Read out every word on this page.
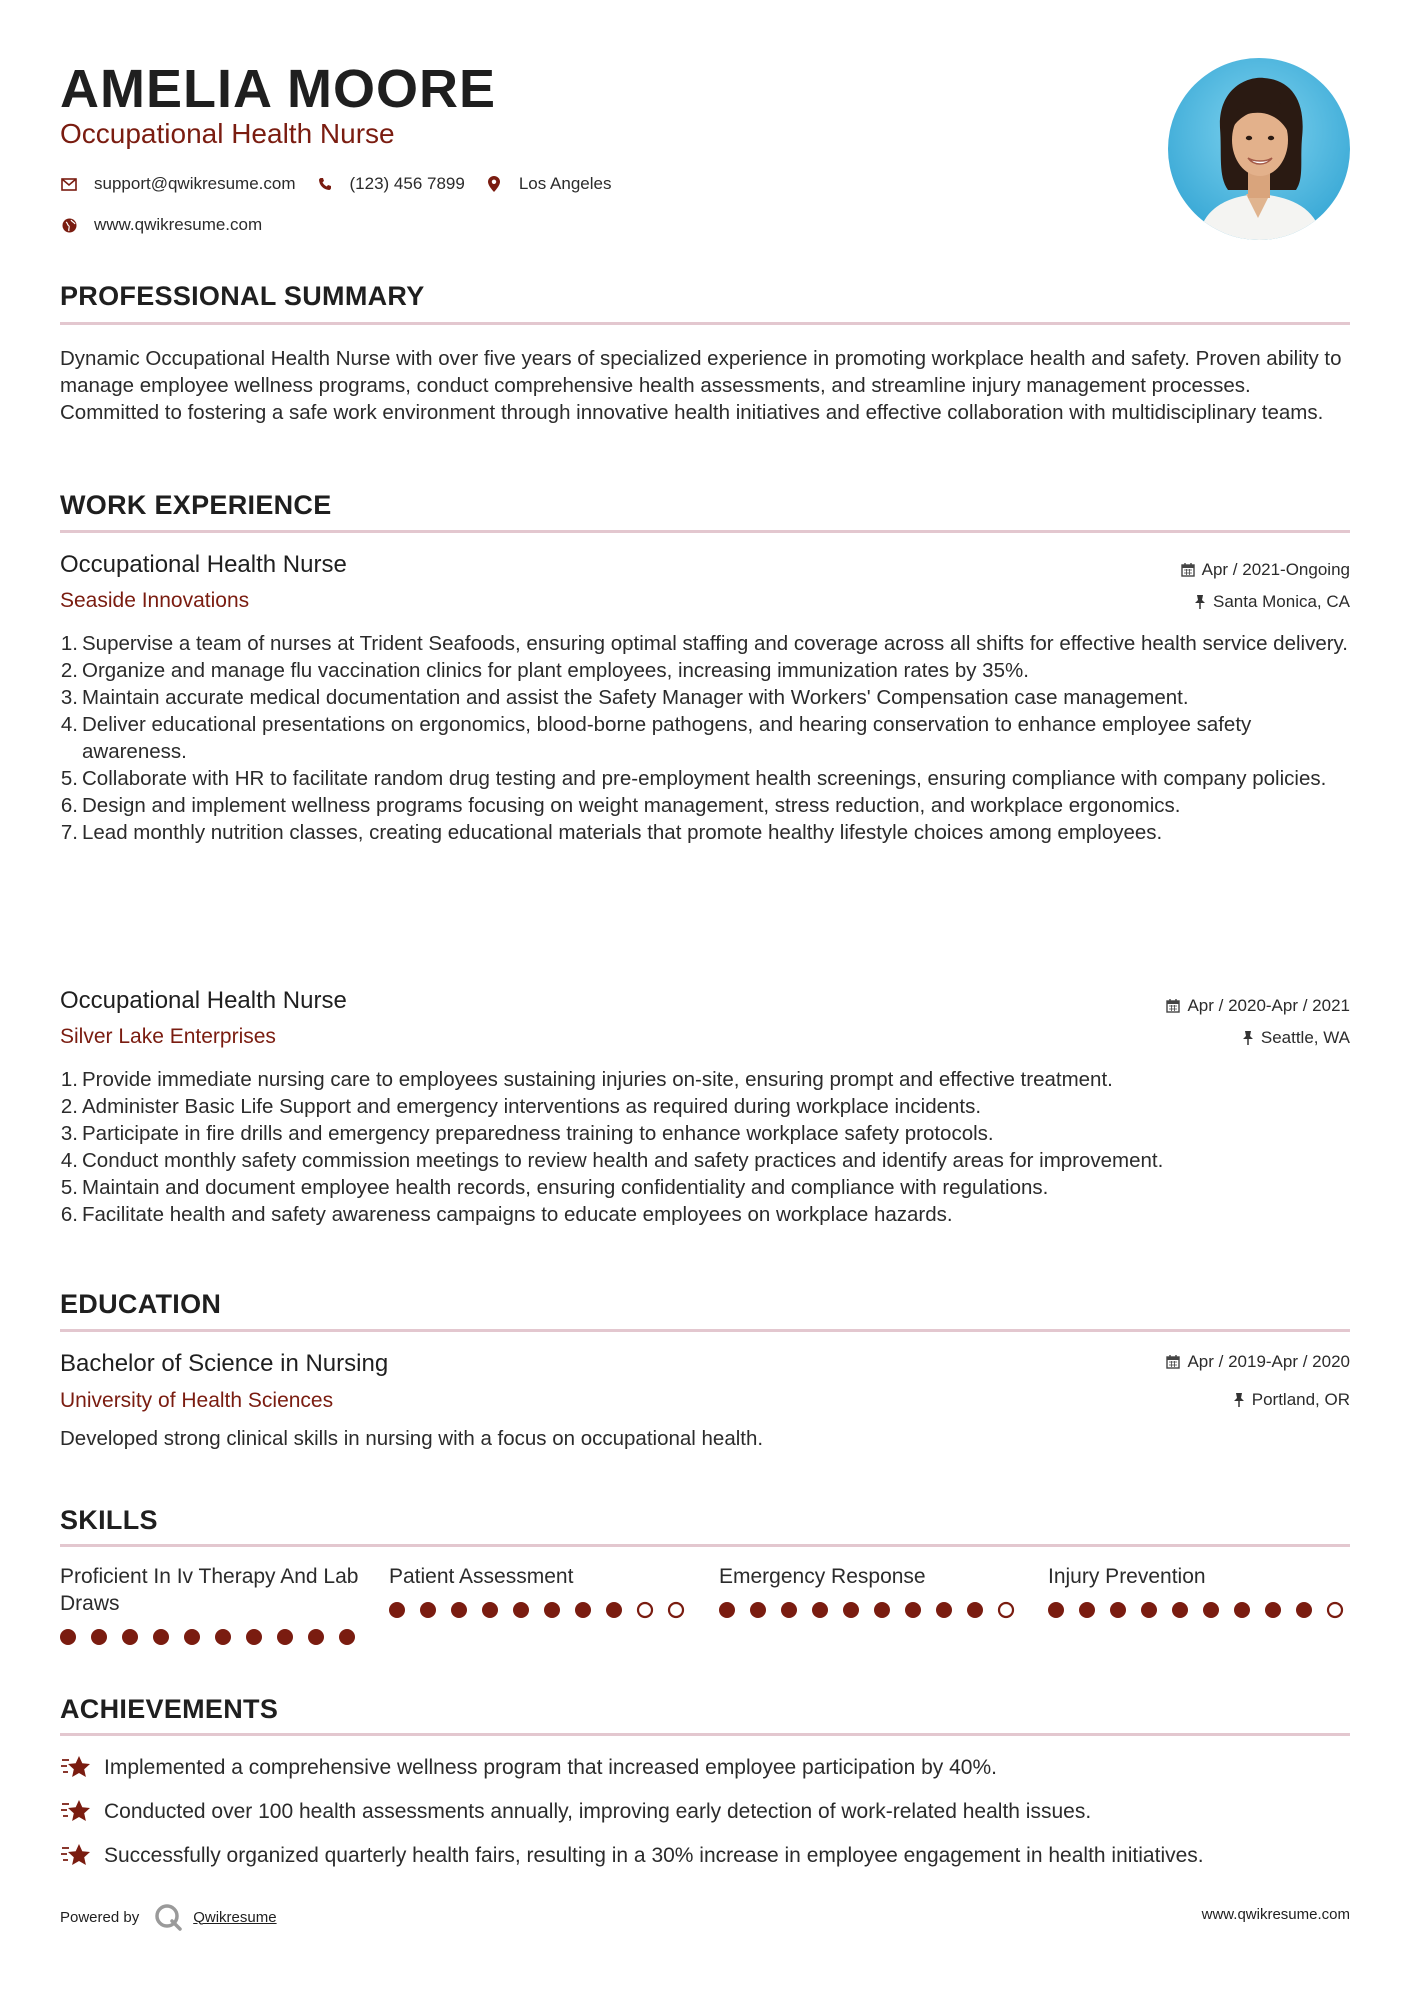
AMELIA MOORE
Occupational Health Nurse
support@qwikresume.com	(123) 456 7899	Los Angeles
www.qwikresume.com
PROFESSIONAL SUMMARY
Dynamic Occupational Health Nurse with over five years of specialized experience in promoting workplace health and safety. Proven ability to manage employee wellness programs, conduct comprehensive health assessments, and streamline injury management processes. Committed to fostering a safe work environment through innovative health initiatives and effective collaboration with multidisciplinary teams.
WORK EXPERIENCE
Occupational Health Nurse
Seaside Innovations
Apr / 2021-Ongoing
Santa Monica, CA
1. Supervise a team of nurses at Trident Seafoods, ensuring optimal staffing and coverage across all shifts for effective health service delivery.
2. Organize and manage flu vaccination clinics for plant employees, increasing immunization rates by 35%.
3. Maintain accurate medical documentation and assist the Safety Manager with Workers' Compensation case management.
4. Deliver educational presentations on ergonomics, blood-borne pathogens, and hearing conservation to enhance employee safety awareness.
5. Collaborate with HR to facilitate random drug testing and pre-employment health screenings, ensuring compliance with company policies.
6. Design and implement wellness programs focusing on weight management, stress reduction, and workplace ergonomics.
7. Lead monthly nutrition classes, creating educational materials that promote healthy lifestyle choices among employees.
Occupational Health Nurse
Silver Lake Enterprises
Apr / 2020-Apr / 2021
Seattle, WA
1. Provide immediate nursing care to employees sustaining injuries on-site, ensuring prompt and effective treatment.
2. Administer Basic Life Support and emergency interventions as required during workplace incidents.
3. Participate in fire drills and emergency preparedness training to enhance workplace safety protocols.
4. Conduct monthly safety commission meetings to review health and safety practices and identify areas for improvement.
5. Maintain and document employee health records, ensuring confidentiality and compliance with regulations.
6. Facilitate health and safety awareness campaigns to educate employees on workplace hazards.
EDUCATION
Bachelor of Science in Nursing
University of Health Sciences
Apr / 2019-Apr / 2020
Portland, OR
Developed strong clinical skills in nursing with a focus on occupational health.
SKILLS
Proficient In Iv Therapy And Lab Draws
Patient Assessment	Emergency Response	Injury Prevention
ACHIEVEMENTS
Implemented a comprehensive wellness program that increased employee participation by 40%.
Conducted over 100 health assessments annually, improving early detection of work-related health issues.
Successfully organized quarterly health fairs, resulting in a 30% increase in employee engagement in health initiatives.
Powered by	Qwikresume	www.qwikresume.com
